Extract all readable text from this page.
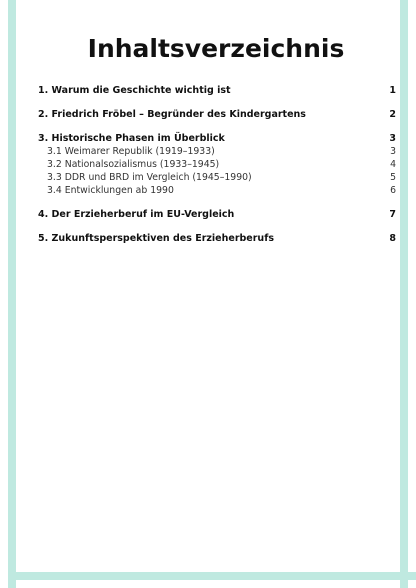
Inhaltsverzeichnis
1. Warum die Geschichte wichtig ist	1
2. Friedrich Fröbel – Begründer des Kindergartens	2
3. Historische Phasen im Überblick	3
3.1 Weimarer Republik (1919–1933)	3
3.2 Nationalsozialismus (1933–1945)	4
3.3 DDR und BRD im Vergleich (1945–1990)	5
3.4 Entwicklungen ab 1990	6
4. Der Erzieherberuf im EU-Vergleich	7
5. Zukunftsperspektiven des Erzieherberufs	8
